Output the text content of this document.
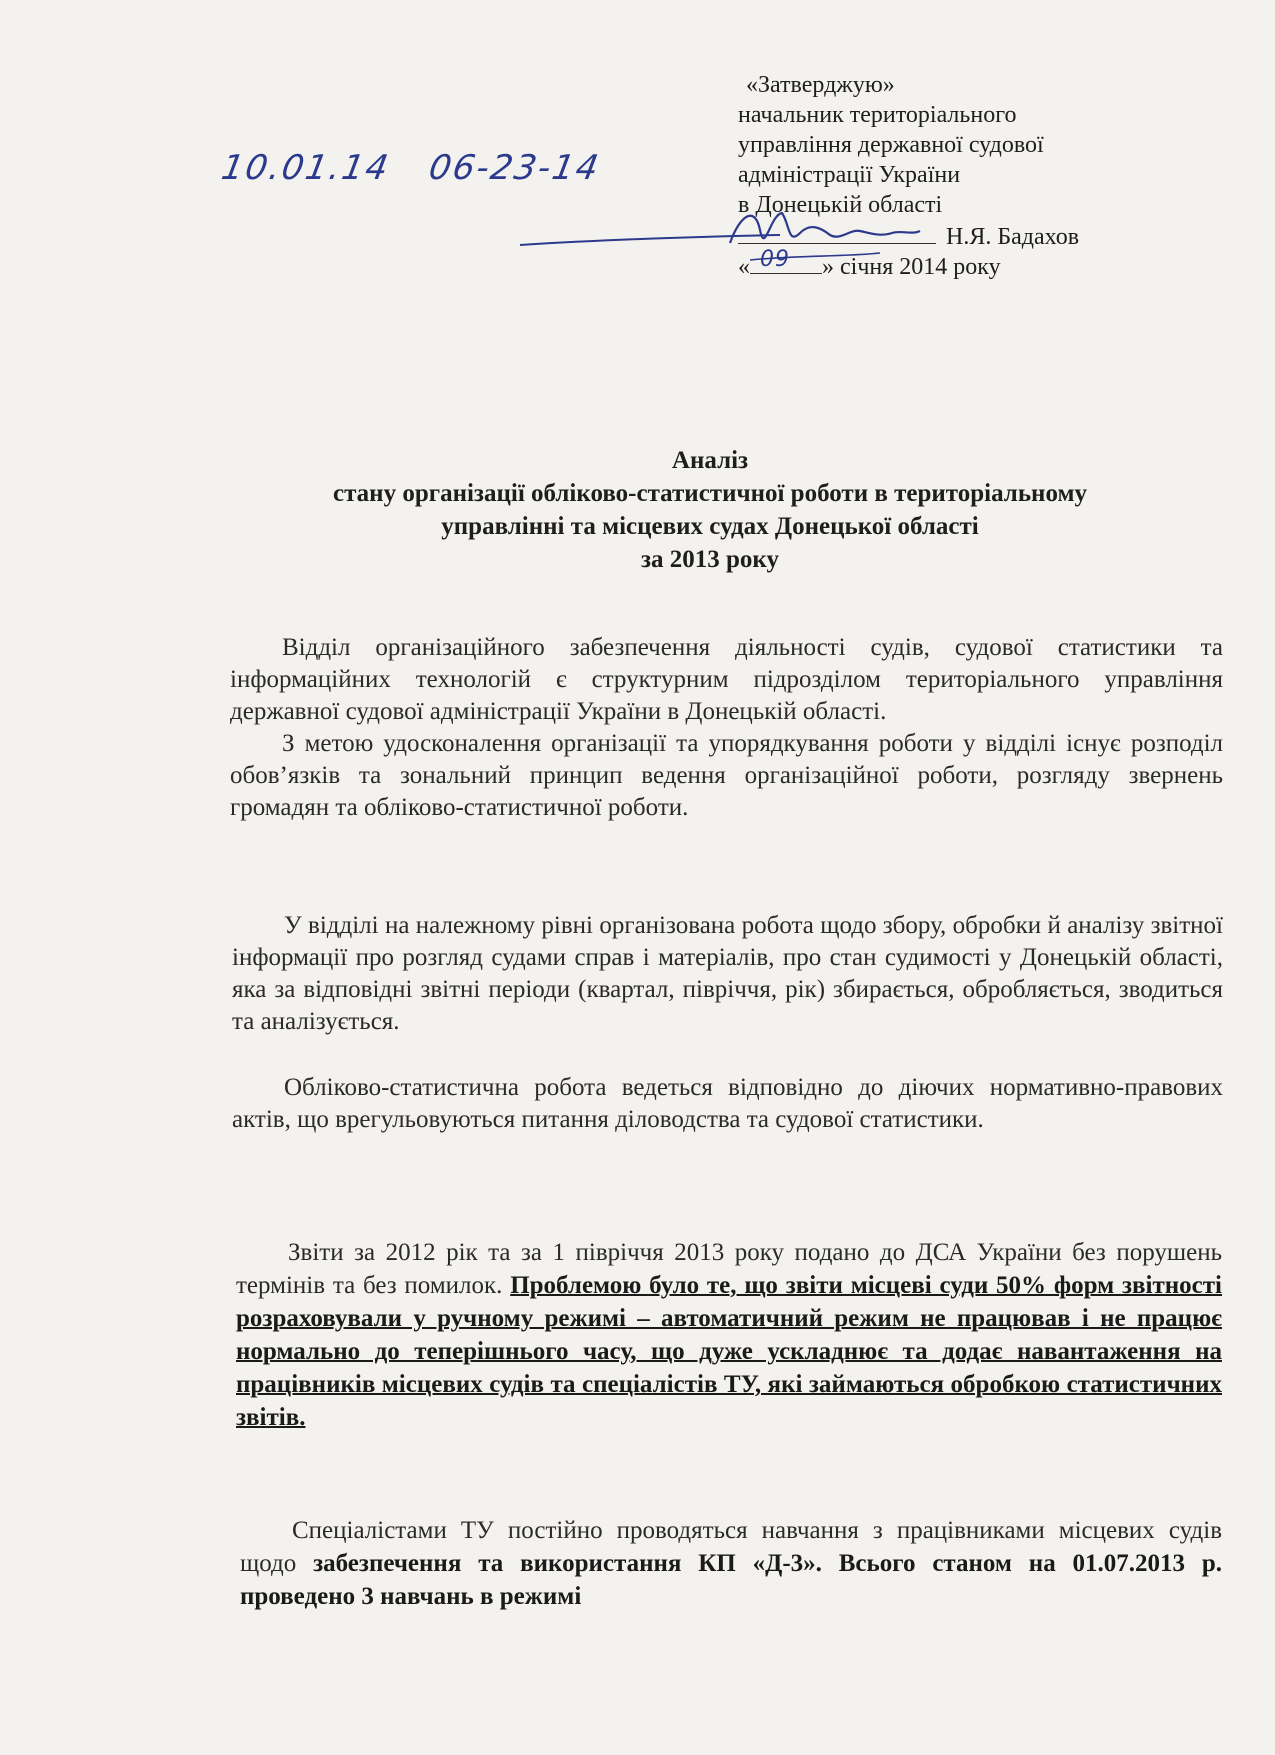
10.01.14 06-23-14
«Затверджую»
начальник територіального
управління державної судової
адміністрації України
в Донецькій області
Н.Я. Бадахов
« 09 » січня 2014 року
Аналіз
стану організації обліково-статистичної роботи в територіальному
управлінні та місцевих судах Донецької області
за 2013 року
Відділ організаційного забезпечення діяльності судів, судової статистики та інформаційних технологій є структурним підрозділом територіального управління державної судової адміністрації України в Донецькій області.
З метою удосконалення організації та упорядкування роботи у відділі існує розподіл обов’язків та зональний принцип ведення організаційної роботи, розгляду звернень громадян та обліково-статистичної роботи.
У відділі на належному рівні організована робота щодо збору, обробки й аналізу звітної інформації про розгляд судами справ і матеріалів, про стан судимості у Донецькій області, яка за відповідні звітні періоди (квартал, півріччя, рік) збирається, обробляється, зводиться та аналізується.
Обліково-статистична робота ведеться відповідно до діючих нормативно-правових актів, що врегульовуються питання діловодства та судової статистики.
Звіти за 2012 рік та за 1 півріччя 2013 року подано до ДСА України без порушень термінів та без помилок. Проблемою було те, що звіти місцеві суди 50% форм звітності розраховували у ручному режимі – автоматичний режим не працював і не працює нормально до теперішнього часу, що дуже ускладнює та додає навантаження на працівників місцевих судів та спеціалістів ТУ, які займаються обробкою статистичних звітів.
Спеціалістами ТУ постійно проводяться навчання з працівниками місцевих судів щодо забезпечення та використання КП «Д-3». Всього станом на 01.07.2013 р. проведено 3 навчань в режимі
